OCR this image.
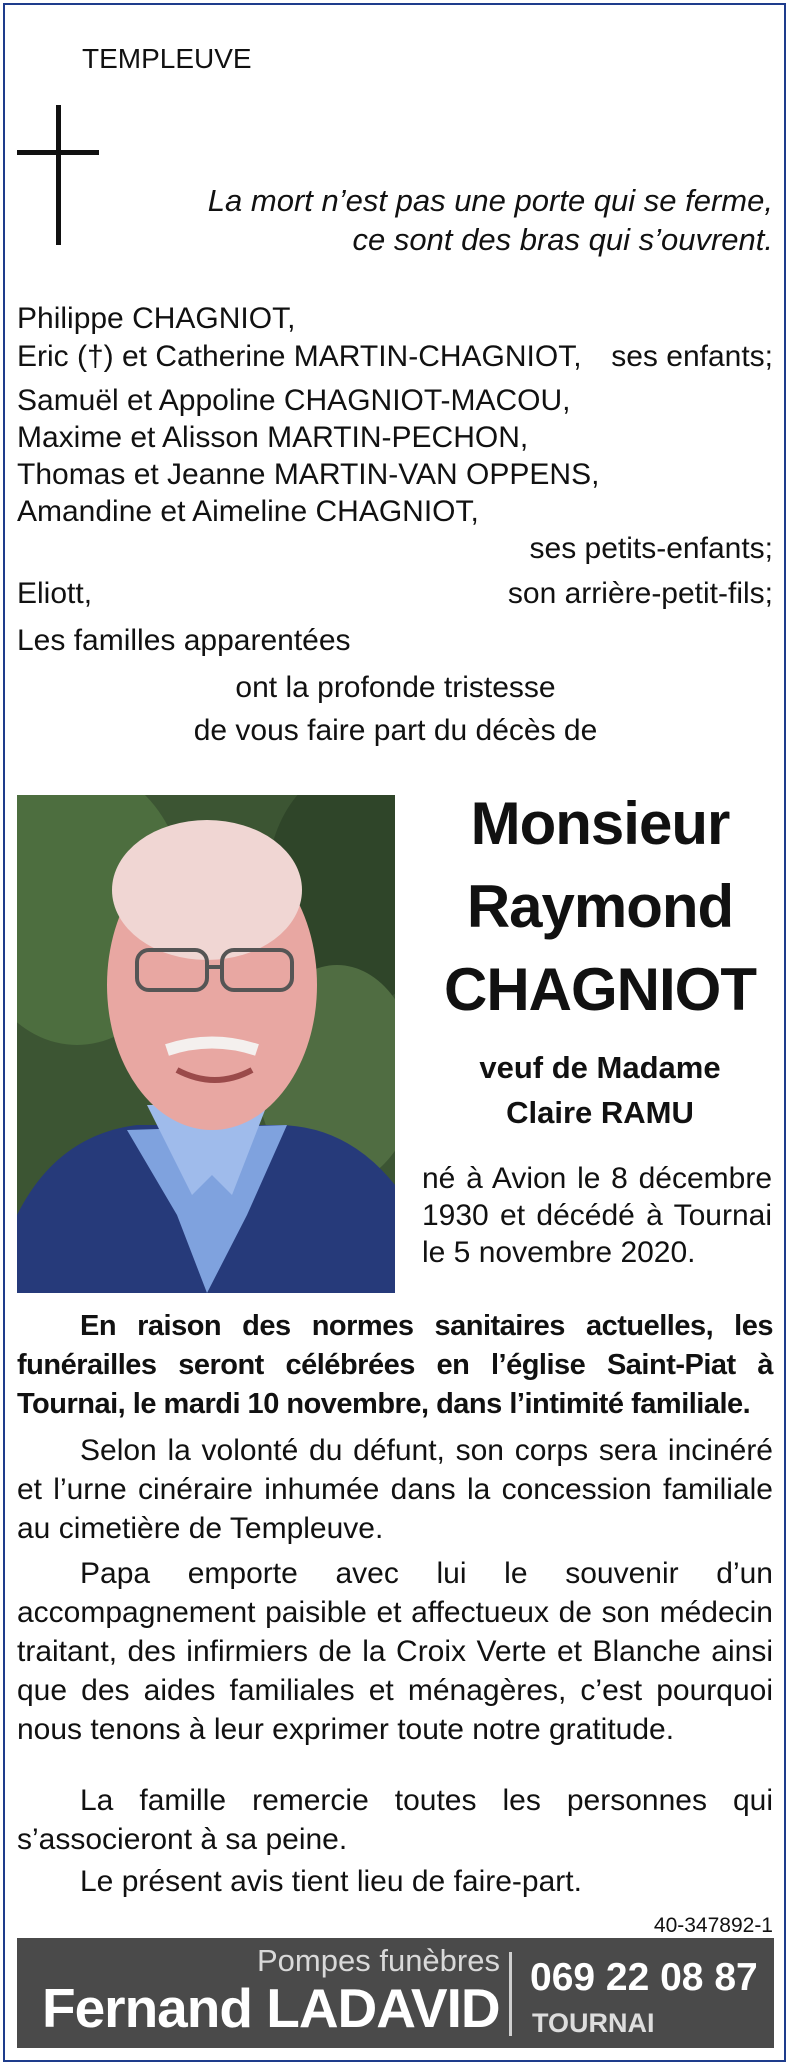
TEMPLEUVE
La mort n’est pas une porte qui se ferme,
ce sont des bras qui s’ouvrent.
Philippe CHAGNIOT,
Eric (†) et Catherine MARTIN-CHAGNIOT, ses enfants;
Samuël et Appoline CHAGNIOT-MACOU,
Maxime et Alisson MARTIN-PECHON,
Thomas et Jeanne MARTIN-VAN OPPENS,
Amandine et Aimeline CHAGNIOT,
ses petits-enfants;
Eliott,	son arrière-petit-fils;
Les familles apparentées
ont la profonde tristesse
de vous faire part du décès de
Monsieur
Raymond
CHAGNIOT
veuf de Madame
Claire RAMU
né à Avion le 8 décembre 1930 et décédé à Tournai le 5 novembre 2020.
En raison des normes sanitaires actuelles, les funérailles seront célébrées en l’église Saint-Piat à Tournai, le mardi 10 novembre, dans l’intimité familiale.
Selon la volonté du défunt, son corps sera incinéré et l’urne cinéraire inhumée dans la concession familiale au cimetière de Templeuve.
Papa emporte avec lui le souvenir d’un accompagnement paisible et affectueux de son médecin traitant, des infirmiers de la Croix Verte et Blanche ainsi que des aides familiales et ménagères, c’est pourquoi nous tenons à leur exprimer toute notre gratitude.
La famille remercie toutes les personnes qui s’associeront à sa peine.
Le présent avis tient lieu de faire-part.
40-347892-1
Pompes funèbres
Fernand LADAVID 069 22 08 87
TOURNAI
